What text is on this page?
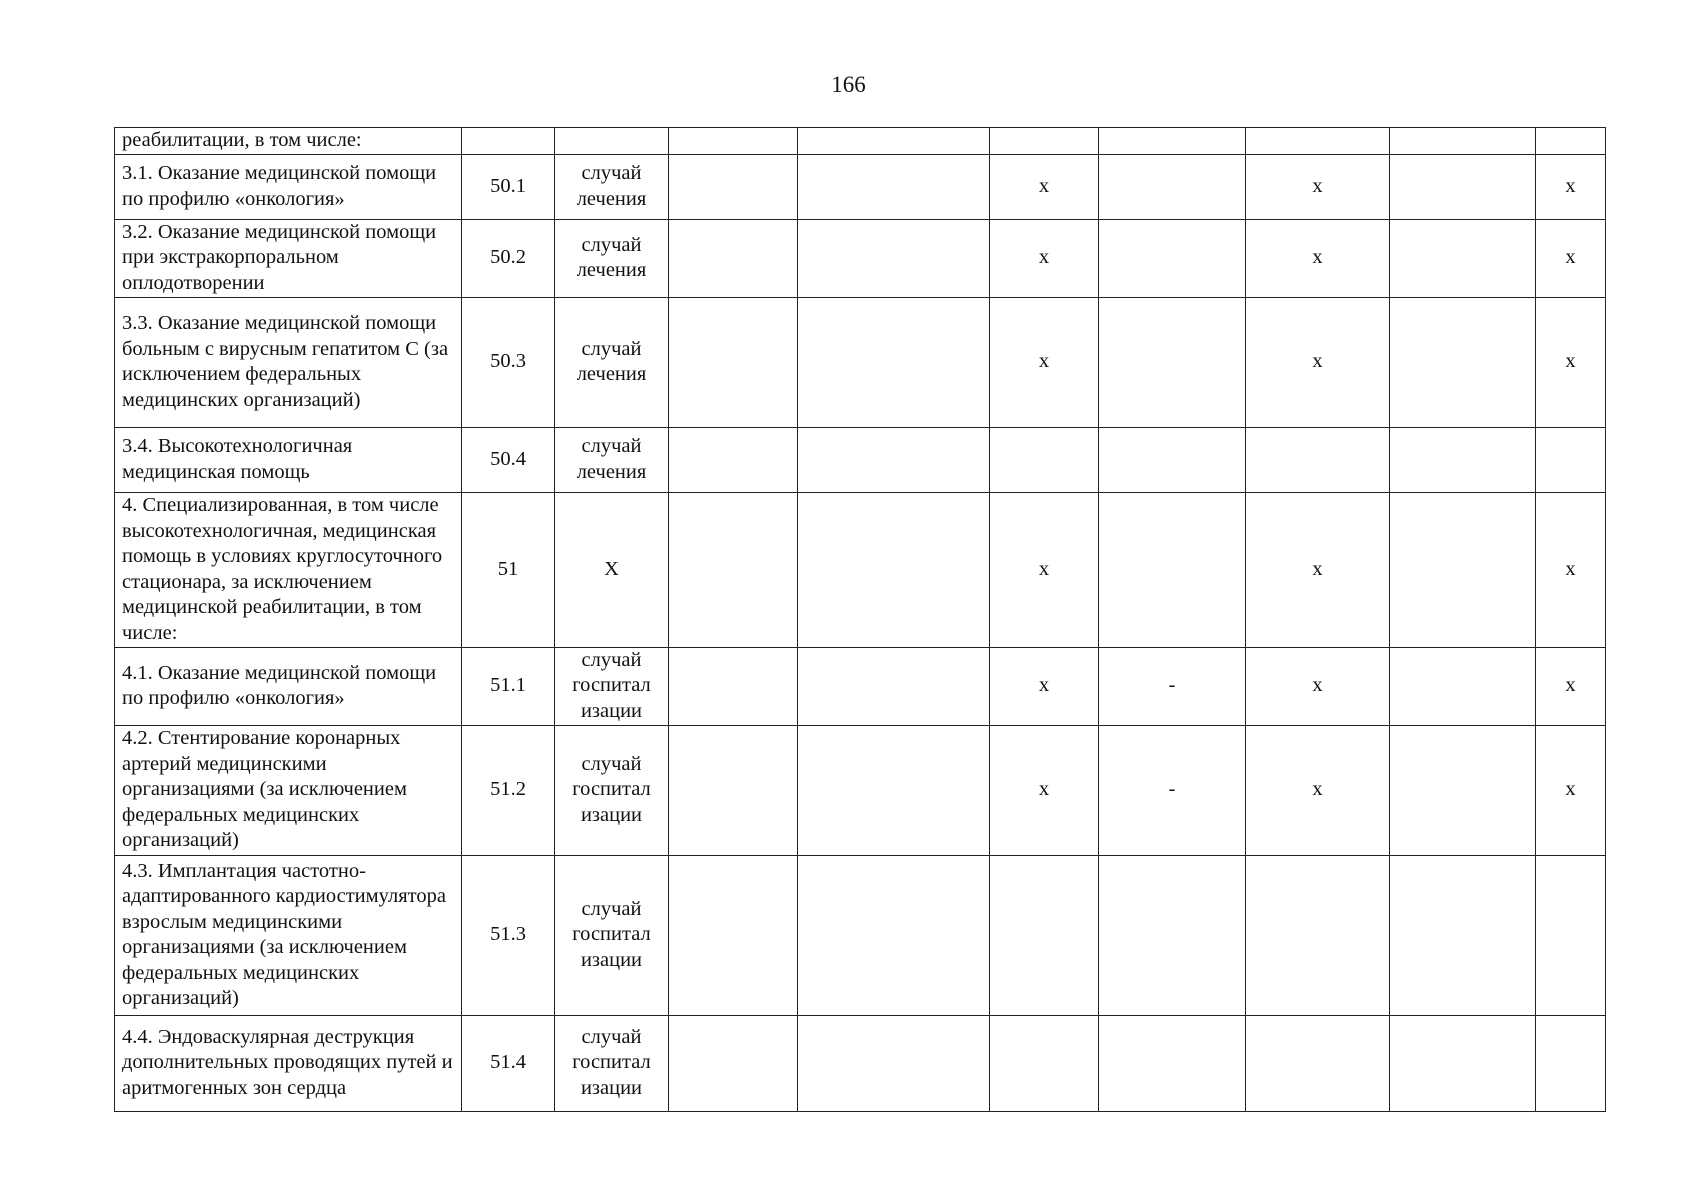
166
реабилитации, в том числе:									
3.1. Оказание медицинской помощи по профилю «онкология»	50.1	случай лечения			х		х		х
3.2. Оказание медицинской помощи при экстракорпоральном оплодотворении	50.2	случай лечения			х		х		х
3.3. Оказание медицинской помощи больным с вирусным гепатитом С (за исключением федеральных медицинских организаций)	50.3	случай лечения			х		х		х
3.4. Высокотехнологичная медицинская помощь	50.4	случай лечения							
4. Специализированная, в том числе высокотехнологичная, медицинская помощь в условиях круглосуточного стационара, за исключением медицинской реабилитации, в том числе:	51	Х			х		х		х
4.1. Оказание медицинской помощи по профилю «онкология»	51.1	случай госпитал изации			х	-	х		х
4.2. Стентирование коронарных артерий медицинскими организациями (за исключением федеральных медицинских организаций)	51.2	случай госпитал изации			х	-	х		х
4.3. Имплантация частотно-адаптированного кардиостимулятора взрослым медицинскими организациями (за исключением федеральных медицинских организаций)	51.3	случай госпитал изации							
4.4. Эндоваскулярная деструкция дополнительных проводящих путей и аритмогенных зон сердца	51.4	случай госпитал изации							
